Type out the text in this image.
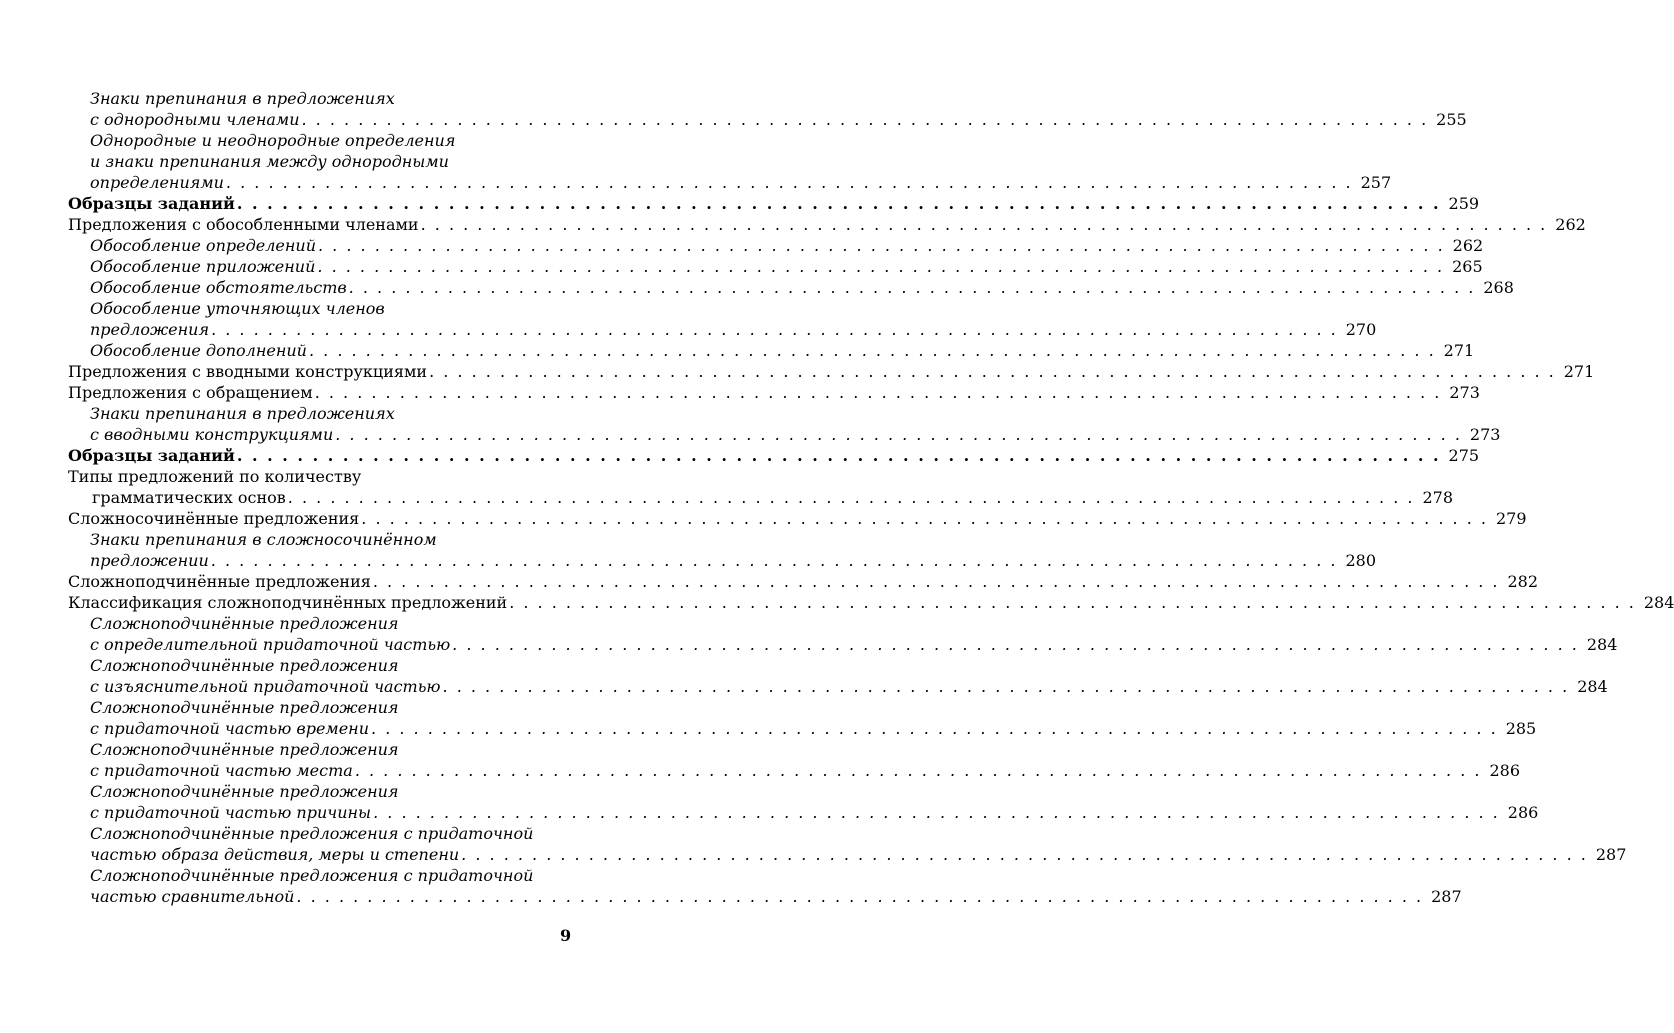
Знаки препинания в предложениях
с однородными членами . . . . . . . . . . . . . . . . . . . . . . . . . . . . . . . . . . . . . . . . . . . . . . . . . . . . . . . . . . . . . . . . . . . . . . . . . . . . . . . . 255
Однородные и неоднородные определения
и знаки препинания между однородными
определениями . . . . . . . . . . . . . . . . . . . . . . . . . . . . . . . . . . . . . . . . . . . . . . . . . . . . . . . . . . . . . . . . . . . . . . . . . . . . . . . . 257
Образцы заданий . . . . . . . . . . . . . . . . . . . . . . . . . . . . . . . . . . . . . . . . . . . . . . . . . . . . . . . . . . . . . . . . . . . . . . . . . . . . . . . . 259
Предложения с обособленными членами . . . . . . . . . . . . . . . . . . . . . . . . . . . . . . . . . . . . . . . . . . . . . . . . . . . . . . . . . . . . . . . . . . . . . . . . . . . . . . . . 262
Обособление определений . . . . . . . . . . . . . . . . . . . . . . . . . . . . . . . . . . . . . . . . . . . . . . . . . . . . . . . . . . . . . . . . . . . . . . . . . . . . . . . . 262
Обособление приложений . . . . . . . . . . . . . . . . . . . . . . . . . . . . . . . . . . . . . . . . . . . . . . . . . . . . . . . . . . . . . . . . . . . . . . . . . . . . . . . . 265
Обособление обстоятельств . . . . . . . . . . . . . . . . . . . . . . . . . . . . . . . . . . . . . . . . . . . . . . . . . . . . . . . . . . . . . . . . . . . . . . . . . . . . . . . . 268
Обособление уточняющих членов
предложения . . . . . . . . . . . . . . . . . . . . . . . . . . . . . . . . . . . . . . . . . . . . . . . . . . . . . . . . . . . . . . . . . . . . . . . . . . . . . . . . 270
Обособление дополнений . . . . . . . . . . . . . . . . . . . . . . . . . . . . . . . . . . . . . . . . . . . . . . . . . . . . . . . . . . . . . . . . . . . . . . . . . . . . . . . . 271
Предложения с вводными конструкциями . . . . . . . . . . . . . . . . . . . . . . . . . . . . . . . . . . . . . . . . . . . . . . . . . . . . . . . . . . . . . . . . . . . . . . . . . . . . . . . . 271
Предложения с обращением . . . . . . . . . . . . . . . . . . . . . . . . . . . . . . . . . . . . . . . . . . . . . . . . . . . . . . . . . . . . . . . . . . . . . . . . . . . . . . . . 273
Знаки препинания в предложениях
с вводными конструкциями . . . . . . . . . . . . . . . . . . . . . . . . . . . . . . . . . . . . . . . . . . . . . . . . . . . . . . . . . . . . . . . . . . . . . . . . . . . . . . . . 273
Образцы заданий . . . . . . . . . . . . . . . . . . . . . . . . . . . . . . . . . . . . . . . . . . . . . . . . . . . . . . . . . . . . . . . . . . . . . . . . . . . . . . . . 275
Типы предложений по количеству
грамматических основ . . . . . . . . . . . . . . . . . . . . . . . . . . . . . . . . . . . . . . . . . . . . . . . . . . . . . . . . . . . . . . . . . . . . . . . . . . . . . . . . 278
Сложносочинённые предложения . . . . . . . . . . . . . . . . . . . . . . . . . . . . . . . . . . . . . . . . . . . . . . . . . . . . . . . . . . . . . . . . . . . . . . . . . . . . . . . . 279
Знаки препинания в сложносочинённом
предложении . . . . . . . . . . . . . . . . . . . . . . . . . . . . . . . . . . . . . . . . . . . . . . . . . . . . . . . . . . . . . . . . . . . . . . . . . . . . . . . . 280
Сложноподчинённые предложения . . . . . . . . . . . . . . . . . . . . . . . . . . . . . . . . . . . . . . . . . . . . . . . . . . . . . . . . . . . . . . . . . . . . . . . . . . . . . . . . 282
Классификация сложноподчинённых предложений . . . . . . . . . . . . . . . . . . . . . . . . . . . . . . . . . . . . . . . . . . . . . . . . . . . . . . . . . . . . . . . . . . . . . . . . . . . . . . . . 284
Сложноподчинённые предложения
с определительной придаточной частью . . . . . . . . . . . . . . . . . . . . . . . . . . . . . . . . . . . . . . . . . . . . . . . . . . . . . . . . . . . . . . . . . . . . . . . . . . . . . . . . 284
Сложноподчинённые предложения
с изъяснительной придаточной частью . . . . . . . . . . . . . . . . . . . . . . . . . . . . . . . . . . . . . . . . . . . . . . . . . . . . . . . . . . . . . . . . . . . . . . . . . . . . . . . . 284
Сложноподчинённые предложения
с придаточной частью времени . . . . . . . . . . . . . . . . . . . . . . . . . . . . . . . . . . . . . . . . . . . . . . . . . . . . . . . . . . . . . . . . . . . . . . . . . . . . . . . . 285
Сложноподчинённые предложения
с придаточной частью места . . . . . . . . . . . . . . . . . . . . . . . . . . . . . . . . . . . . . . . . . . . . . . . . . . . . . . . . . . . . . . . . . . . . . . . . . . . . . . . . 286
Сложноподчинённые предложения
с придаточной частью причины . . . . . . . . . . . . . . . . . . . . . . . . . . . . . . . . . . . . . . . . . . . . . . . . . . . . . . . . . . . . . . . . . . . . . . . . . . . . . . . . 286
Сложноподчинённые предложения с придаточной
частью образа действия, меры и степени . . . . . . . . . . . . . . . . . . . . . . . . . . . . . . . . . . . . . . . . . . . . . . . . . . . . . . . . . . . . . . . . . . . . . . . . . . . . . . . . 287
Сложноподчинённые предложения с придаточной
частью сравнительной . . . . . . . . . . . . . . . . . . . . . . . . . . . . . . . . . . . . . . . . . . . . . . . . . . . . . . . . . . . . . . . . . . . . . . . . . . . . . . . . 287
9
